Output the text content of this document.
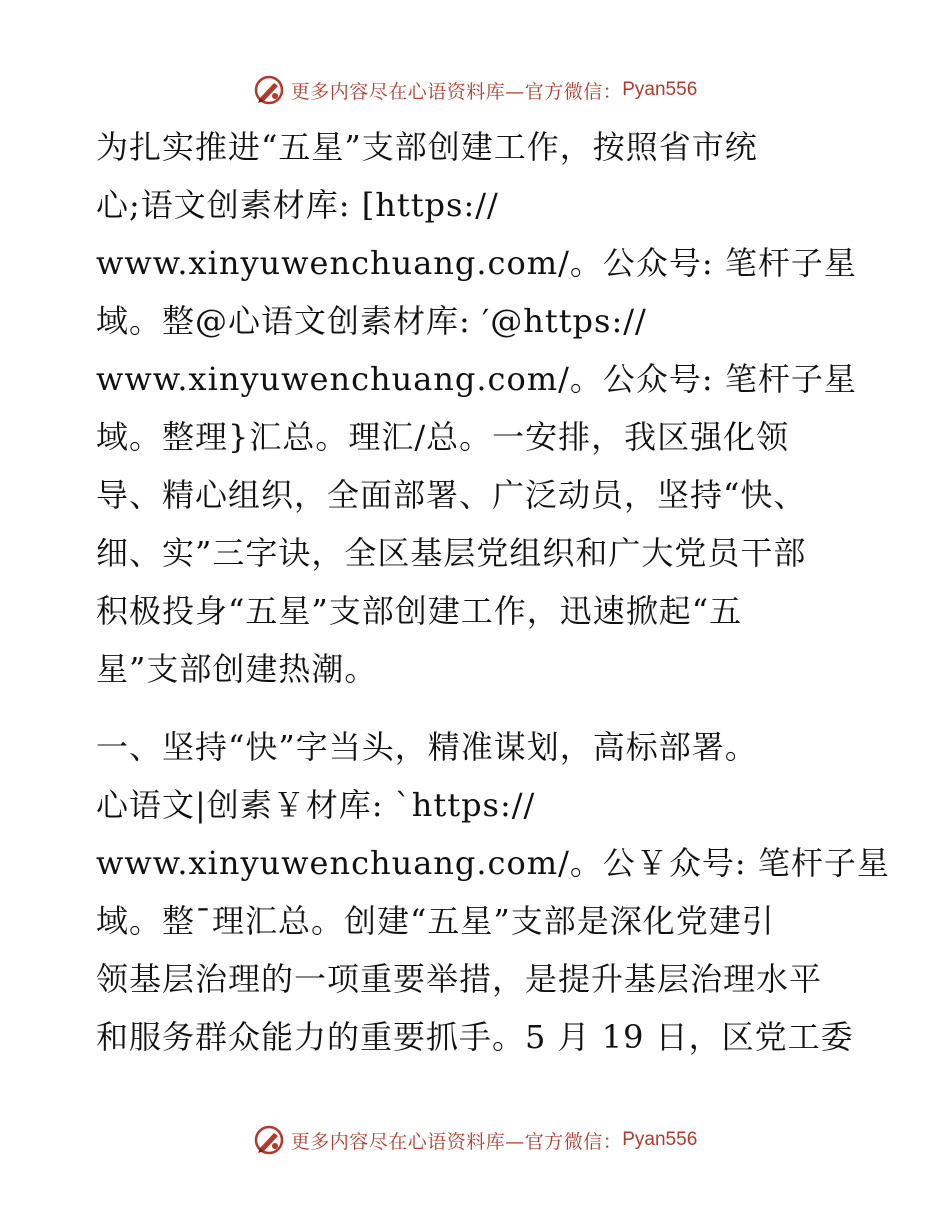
更多内容尽在心语资料库—官方微信： Pyan556
为扎实推进“五星”支部创建工作，按照省市统
心;语文创素材库: [https://
www.xinyuwenchuang.com/。公众号: 笔杆子星
域。整@心语文创素材库: ′@https://
www.xinyuwenchuang.com/。公众号: 笔杆子星
域。整理}汇总。理汇/总。一安排，我区强化领
导、精心组织，全面部署、广泛动员，坚持“快、
细、实”三字诀，全区基层党组织和广大党员干部
积极投身“五星”支部创建工作，迅速掀起“五
星”支部创建热潮。
一、坚持“快”字当头，精准谋划，高标部署。
心语文|创素￥材库: `https://
www.xinyuwenchuang.com/。公￥众号: 笔杆子星
域。整¯理汇总。创建“五星”支部是深化党建引
领基层治理的一项重要举措，是提升基层治理水平
和服务群众能力的重要抓手。5 月 19 日，区党工委
更多内容尽在心语资料库—官方微信： Pyan556
